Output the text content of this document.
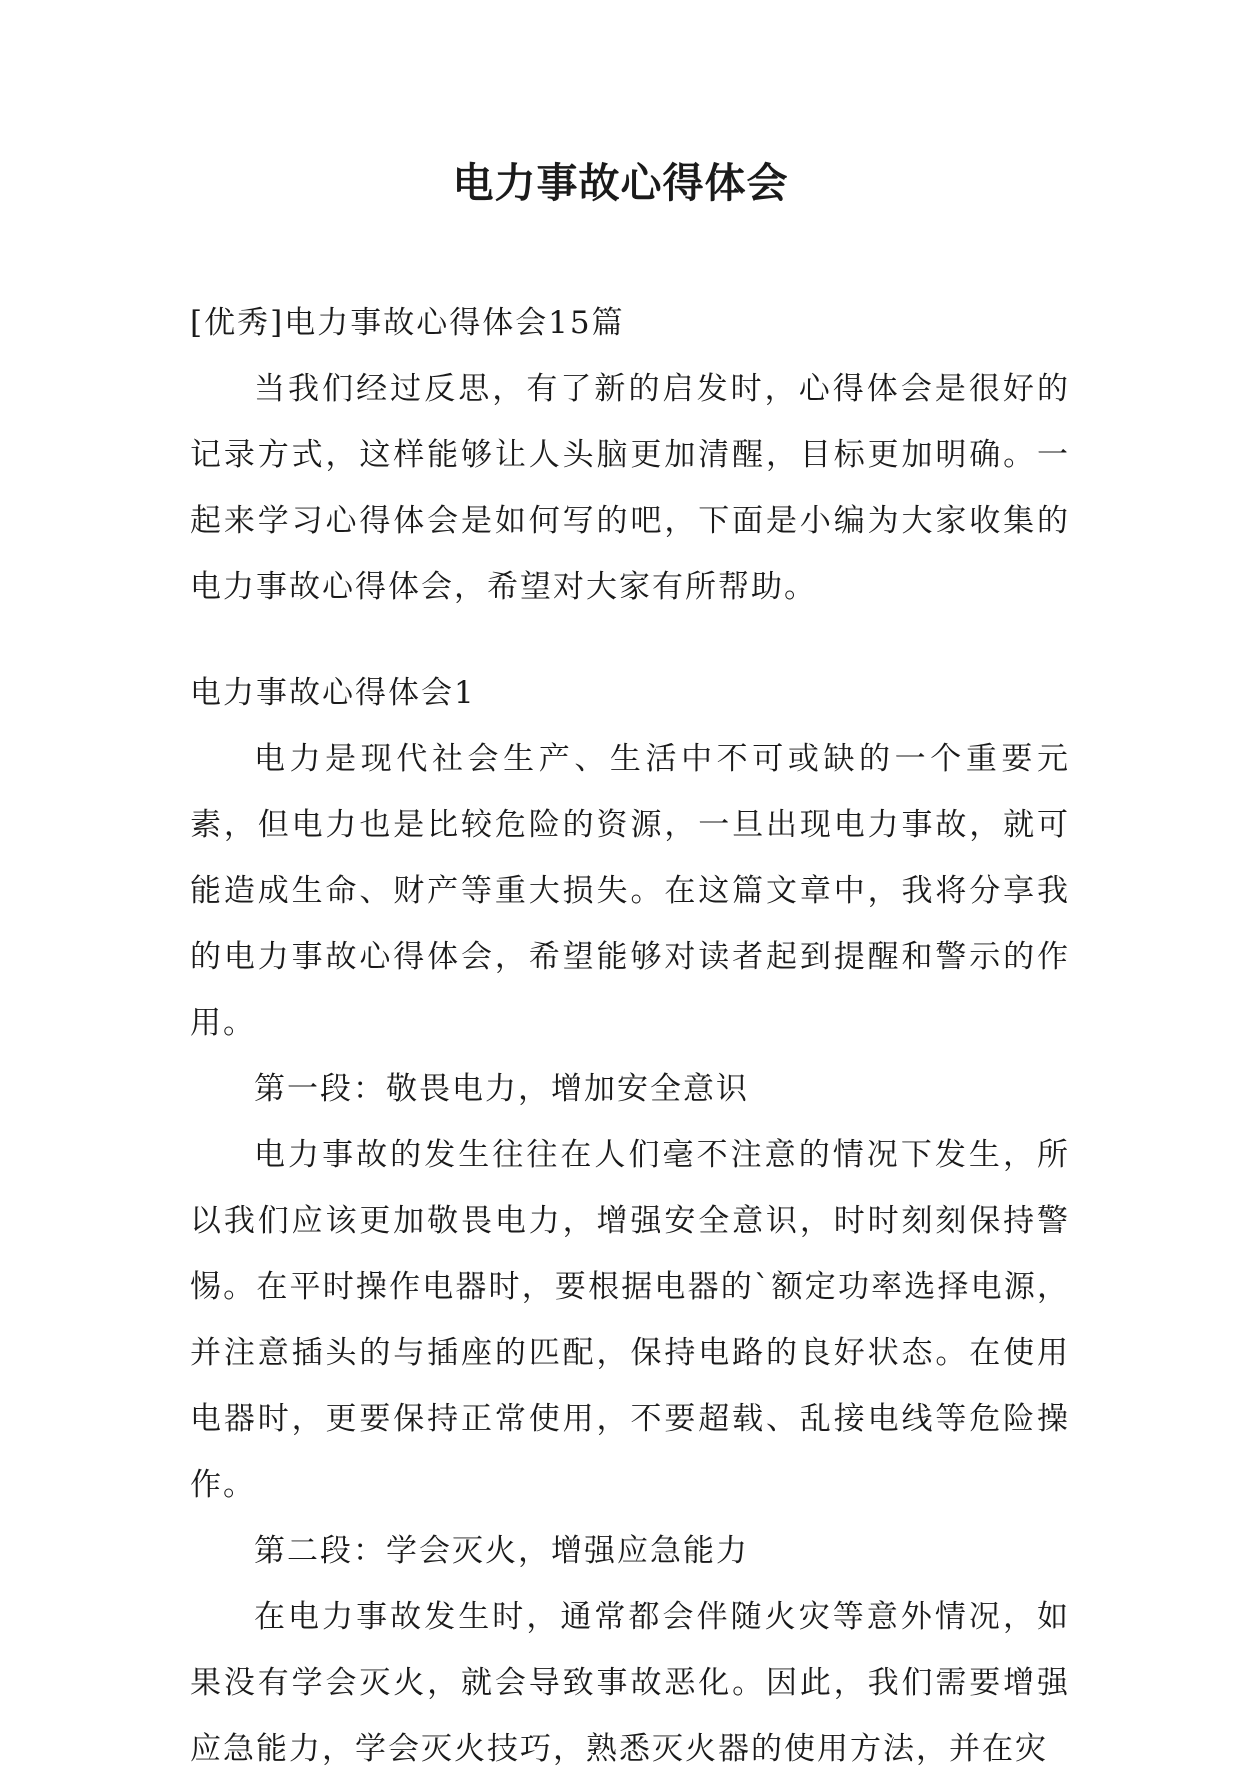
电力事故心得体会

[优秀]电力事故心得体会15篇

当我们经过反思，有了新的启发时，心得体会是很好的记录方式，这样能够让人头脑更加清醒，目标更加明确。一起来学习心得体会是如何写的吧，下面是小编为大家收集的电力事故心得体会，希望对大家有所帮助。

电力事故心得体会1

电力是现代社会生产、生活中不可或缺的一个重要元素，但电力也是比较危险的资源，一旦出现电力事故，就可能造成生命、财产等重大损失。在这篇文章中，我将分享我的电力事故心得体会，希望能够对读者起到提醒和警示的作用。

第一段：敬畏电力，增加安全意识

电力事故的发生往往在人们毫不注意的情况下发生，所以我们应该更加敬畏电力，增强安全意识，时时刻刻保持警惕。在平时操作电器时，要根据电器的`额定功率选择电源，并注意插头的与插座的匹配，保持电路的良好状态。在使用电器时，更要保持正常使用，不要超载、乱接电线等危险操作。

第二段：学会灭火，增强应急能力

在电力事故发生时，通常都会伴随火灾等意外情况，如果没有学会灭火，就会导致事故恶化。因此，我们需要增强应急能力，学会灭火技巧，熟悉灭火器的使用方法，并在灾
